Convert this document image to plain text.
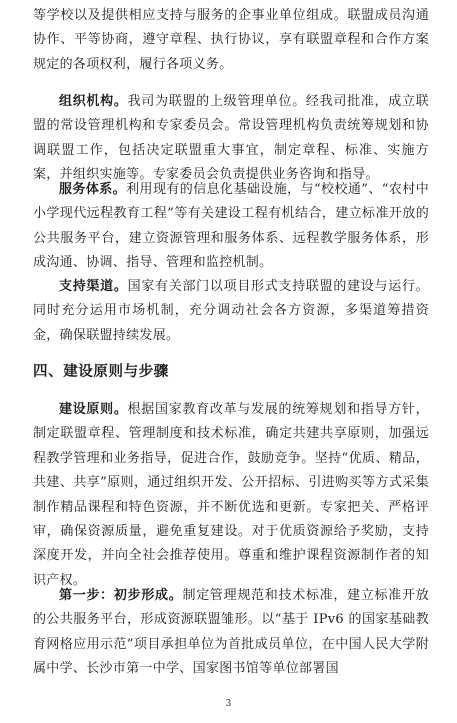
等学校以及提供相应支持与服务的企事业单位组成。联盟成员沟通协作、平等协商，遵守章程、执行协议，享有联盟章程和合作方案规定的各项权利，履行各项义务。

组织机构。我司为联盟的上级管理单位。经我司批准，成立联盟的常设管理机构和专家委员会。常设管理机构负责统筹规划和协调联盟工作，包括决定联盟重大事宜，制定章程、标准、实施方案，并组织实施等。专家委员会负责提供业务咨询和指导。

服务体系。利用现有的信息化基础设施，与“校校通”、“农村中小学现代远程教育工程”等有关建设工程有机结合，建立标准开放的公共服务平台，建立资源管理和服务体系、远程教学服务体系，形成沟通、协调、指导、管理和监控机制。

支持渠道。国家有关部门以项目形式支持联盟的建设与运行。同时充分运用市场机制，充分调动社会各方资源，多渠道筹措资金，确保联盟持续发展。

四、建设原则与步骤

建设原则。根据国家教育改革与发展的统筹规划和指导方针，制定联盟章程、管理制度和技术标准，确定共建共享原则，加强远程教学管理和业务指导，促进合作，鼓励竞争。坚持“优质、精品，共建、共享”原则，通过组织开发、公开招标、引进购买等方式采集制作精品课程和特色资源，并不断优选和更新。专家把关、严格评审，确保资源质量，避免重复建设。对于优质资源给予奖励，支持深度开发，并向全社会推荐使用。尊重和维护课程资源制作者的知识产权。

第一步：初步形成。制定管理规范和技术标准，建立标准开放的公共服务平台，形成资源联盟雏形。以“基于 IPv6 的国家基础教育网格应用示范”项目承担单位为首批成员单位，在中国人民大学附属中学、长沙市第一中学、国家图书馆等单位部署国

3
